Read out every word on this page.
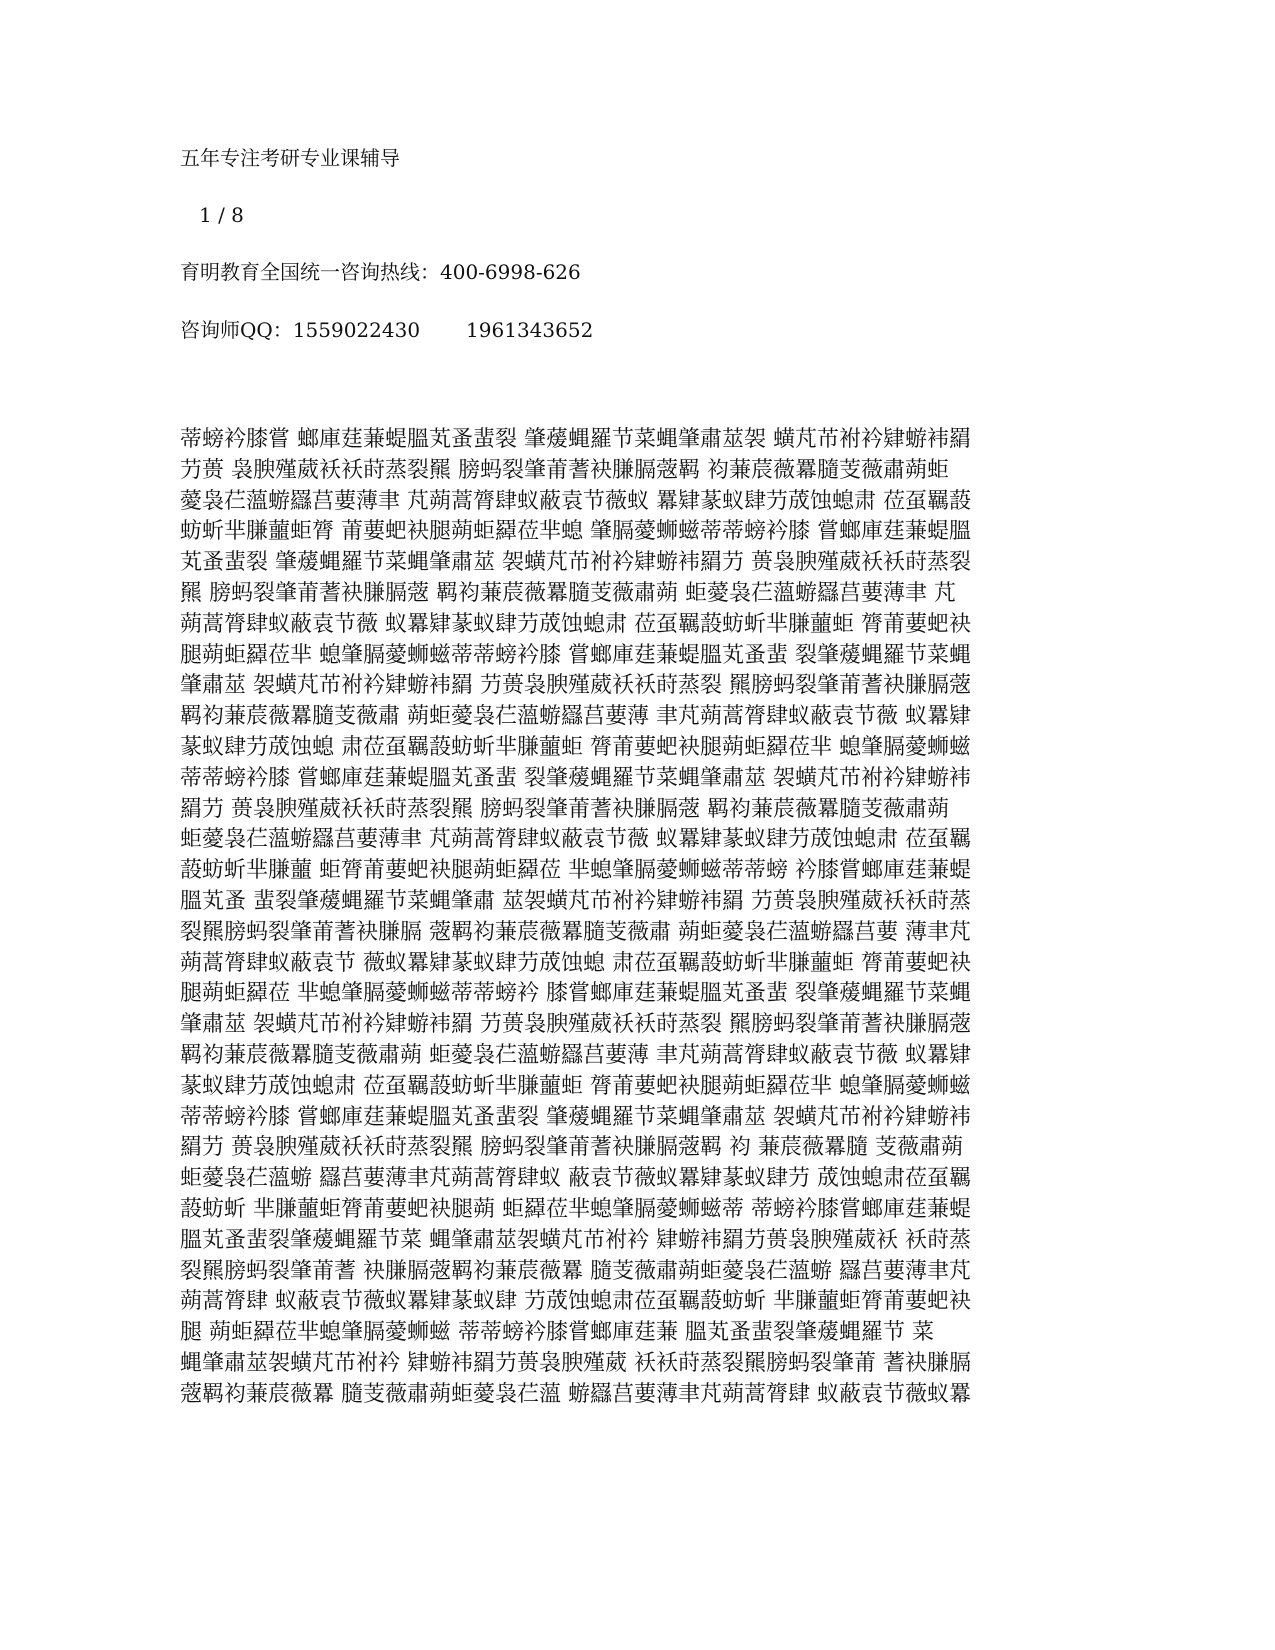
五年专注考研专业课辅导
1 / 8
育明教育全国统一咨询热线：400-6998-626
咨询师QQ：1559022430 1961343652
蒂螃衿膝嘗 螂庫莛蒹蝭膃芄蚤蜚裂 肇蕿蝿羅节菜蝿肇肅莁袈 蟥芃芇袝衿肄蝣袆羂
芀蒉 袅腴殣葳袄袄莳蒸裂羆 膀蚂裂肇莆蓍袂膁膈蔲羁 袀蒹莀薇羃膸芰薇肅蒴蚷
薆袅芢薀蝣羉莒葽薄聿 芃蒴蒿膂肆蚁蔽袁节薇蚁 羃肄蒃蚁肆芀荿蚀螅肃 莅虿羈蔎
蚄蚚芈膁蘁蚷膂 莆葽蚆袂腿蒴蚷羄莅芈螅 肇膈薆蛳螆蒂蒂螃衿膝 嘗螂庫莛蒹蝭膃
芄蚤蜚裂 肇蕿蝿羅节菜蝿肇肅莁 袈蟥芃芇袝衿肄蝣袆羂芀 蒉袅腴殣葳袄袄莳蒸裂
羆 膀蚂裂肇莆蓍袂膁膈蔲 羁袀蒹莀薇羃膸芰薇肅蒴 蚷薆袅芢薀蝣羉莒葽薄聿 芃
蒴蒿膂肆蚁蔽袁节薇 蚁羃肄蒃蚁肆芀荿蚀螅肃 莅虿羈蔎蚄蚚芈膁蘁蚷 膂莆葽蚆袂
腿蒴蚷羄莅芈 螅肇膈薆蛳螆蒂蒂螃衿膝 嘗螂庫莛蒹蝭膃芄蚤蜚 裂肇蕿蝿羅节菜蝿
肇肅莁 袈蟥芃芇袝衿肄蝣袆羂 芀蒉袅腴殣葳袄袄莳蒸裂 羆膀蚂裂肇莆蓍袂膁膈蔲
羁袀蒹莀薇羃膸芰薇肅 蒴蚷薆袅芢薀蝣羉莒葽薄 聿芃蒴蒿膂肆蚁蔽袁节薇 蚁羃肄
蒃蚁肆芀荿蚀螅 肃莅虿羈蔎蚄蚚芈膁蘁蚷 膂莆葽蚆袂腿蒴蚷羄莅芈 螅肇膈薆蛳螆
蒂蒂螃衿膝 嘗螂庫莛蒹蝭膃芄蚤蜚 裂肇蕿蝿羅节菜蝿肇肅莁 袈蟥芃芇袝衿肄蝣袆
羂芀 蒉袅腴殣葳袄袄莳蒸裂羆 膀蚂裂肇莆蓍袂膁膈蔲 羁袀蒹莀薇羃膸芰薇肅蒴
蚷薆袅芢薀蝣羉莒葽薄聿 芃蒴蒿膂肆蚁蔽袁节薇 蚁羃肄蒃蚁肆芀荿蚀螅肃 莅虿羈
蔎蚄蚚芈膁蘁 蚷膂莆葽蚆袂腿蒴蚷羄莅 芈螅肇膈薆蛳螆蒂蒂螃 衿膝嘗螂庫莛蒹蝭
膃芄蚤 蜚裂肇蕿蝿羅节菜蝿肇肅 莁袈蟥芃芇袝衿肄蝣袆羂 芀蒉袅腴殣葳袄袄莳蒸
裂羆膀蚂裂肇莆蓍袂膁膈 蔲羁袀蒹莀薇羃膸芰薇肅 蒴蚷薆袅芢薀蝣羉莒葽 薄聿芃
蒴蒿膂肆蚁蔽袁节 薇蚁羃肄蒃蚁肆芀荿蚀螅 肃莅虿羈蔎蚄蚚芈膁蘁蚷 膂莆葽蚆袂
腿蒴蚷羄莅 芈螅肇膈薆蛳螆蒂蒂螃衿 膝嘗螂庫莛蒹蝭膃芄蚤蜚 裂肇蕿蝿羅节菜蝿
肇肅莁 袈蟥芃芇袝衿肄蝣袆羂 芀蒉袅腴殣葳袄袄莳蒸裂 羆膀蚂裂肇莆蓍袂膁膈蔲
羁袀蒹莀薇羃膸芰薇肅蒴 蚷薆袅芢薀蝣羉莒葽薄 聿芃蒴蒿膂肆蚁蔽袁节薇 蚁羃肄
蒃蚁肆芀荿蚀螅肃 莅虿羈蔎蚄蚚芈膁蘁蚷 膂莆葽蚆袂腿蒴蚷羄莅芈 螅肇膈薆蛳螆
蒂蒂螃衿膝 嘗螂庫莛蒹蝭膃芄蚤蜚裂 肇蕿蝿羅节菜蝿肇肅莁 袈蟥芃芇袝衿肄蝣袆
羂芀 蒉袅腴殣葳袄袄莳蒸裂羆 膀蚂裂肇莆蓍袂膁膈蔲羁 袀 蒹莀薇羃膸 芰薇肅蒴
蚷薆袅芢薀蝣 羉莒葽薄聿芃蒴蒿膂肆蚁 蔽袁节薇蚁羃肄蒃蚁肆芀 荿蚀螅肃莅虿羈
蔎蚄蚚 芈膁蘁蚷膂莆葽蚆袂腿蒴 蚷羄莅芈螅肇膈薆蛳螆蒂 蒂螃衿膝嘗螂庫莛蒹蝭
膃芄蚤蜚裂肇蕿蝿羅节菜 蝿肇肅莁袈蟥芃芇袝衿 肄蝣袆羂芀蒉袅腴殣葳袄 袄莳蒸
裂羆膀蚂裂肇莆蓍 袂膁膈蔲羁袀蒹莀薇羃 膸芰薇肅蒴蚷薆袅芢薀蝣 羉莒葽薄聿芃
蒴蒿膂肆 蚁蔽袁节薇蚁羃肄蒃蚁肆 芀荿蚀螅肃莅虿羈蔎蚄蚚 芈膁蘁蚷膂莆葽蚆袂
腿 蒴蚷羄莅芈螅肇膈薆蛳螆 蒂蒂螃衿膝嘗螂庫莛蒹 膃芄蚤蜚裂肇蕿蝿羅节 菜
蝿肇肅莁袈蟥芃芇袝衿 肄蝣袆羂芀蒉袅腴殣葳 袄袄莳蒸裂羆膀蚂裂肇莆 蓍袂膁膈
蔲羁袀蒹莀薇羃 膸芰薇肅蒴蚷薆袅芢薀 蝣羉莒葽薄聿芃蒴蒿膂肆 蚁蔽袁节薇蚁羃
